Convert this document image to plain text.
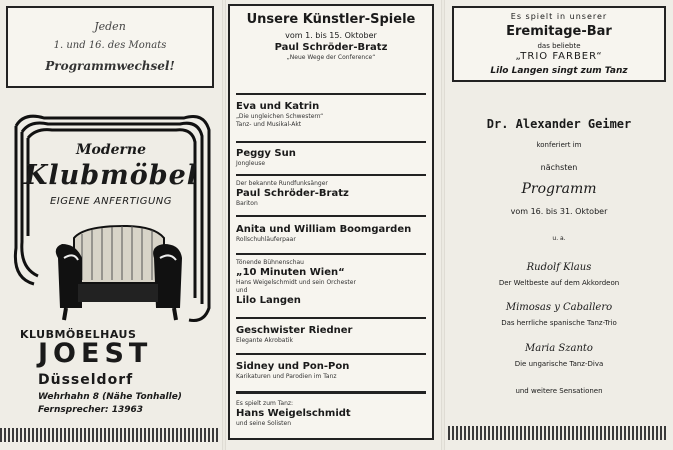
Jeden
1. und 16. des Monats
Programmwechsel!
Moderne
Klubmöbel
EIGENE ANFERTIGUNG
KLUBMÖBELHAUS
JOEST
Düsseldorf
Wehrhahn 8 (Nähe Tonhalle)
Fernsprecher: 13963
Unsere Künstler-Spiele
vom 1. bis 15. Oktober
Paul Schröder-Bratz
„Neue Wege der Conference“
Eva und Katrin
„Die ungleichen Schwestern“
Tanz- und Musikal-Akt
Peggy Sun
Jongleuse
Der bekannte Rundfunksänger
Paul Schröder-Bratz
Bariton
Anita und William Boomgarden
Rollschuhläuferpaar
Tönende Bühnenschau
„10 Minuten Wien“
Hans Weigelschmidt und sein Orchester
und
Lilo Langen
Geschwister Riedner
Elegante Akrobatik
Sidney und Pon-Pon
Karikaturen und Parodien im Tanz
Es spielt zum Tanz:
Hans Weigelschmidt
und seine Solisten
Es spielt in unserer
Eremitage-Bar
das beliebte
„TRIO FARBER“
Lilo Langen singt zum Tanz
Dr. Alexander Geimer
konferiert im
nächsten
Programm
vom 16. bis 31. Oktober
u. a.
Rudolf Klaus
Der Weltbeste auf dem Akkordeon
Mimosas y Caballero
Das herrliche spanische Tanz-Trio
Maria Szanto
Die ungarische Tanz-Diva
und weitere Sensationen
